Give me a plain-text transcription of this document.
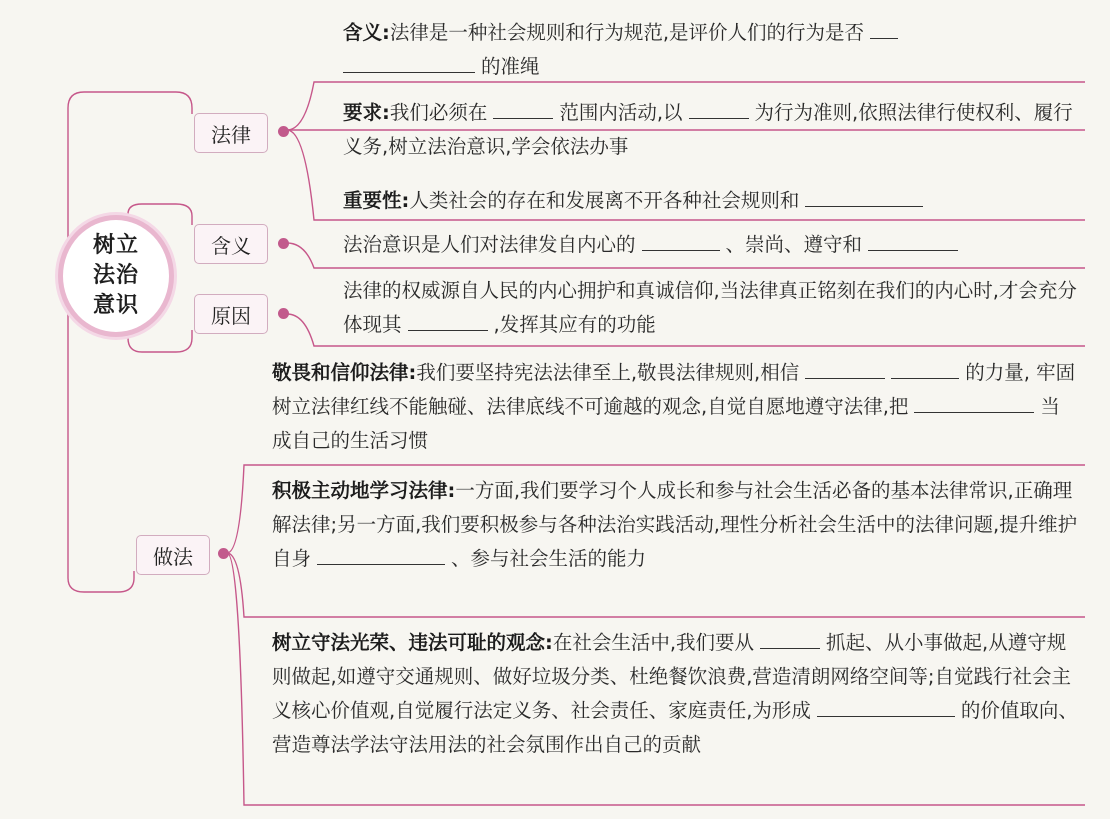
树立法治意识
法律
含义
原因
做法
含义:法律是一种社会规则和行为规范,是评价人们的行为是否
的准绳
要求:我们必须在	范围内活动,以	为行为准则,依照法律行使权利、履行义务,树立法治意识,学会依法办事
重要性:人类社会的存在和发展离不开各种社会规则和
法治意识是人们对法律发自内心的	、崇尚、遵守和
法律的权威源自人民的内心拥护和真诚信仰,当法律真正铭刻在我们的内心时,才会充分体现其	,发挥其应有的功能
敬畏和信仰法律:我们要坚持宪法法律至上,敬畏法律规则,相信	的力量, 牢固树立法律红线不能触碰、法律底线不可逾越的观念,自觉自愿地遵守法律,把	当成自己的生活习惯
积极主动地学习法律:一方面,我们要学习个人成长和参与社会生活必备的基本法律常识,正确理解法律;另一方面,我们要积极参与各种法治实践活动,理性分析社会生活中的法律问题,提升维护自身	、参与社会生活的能力
树立守法光荣、违法可耻的观念:在社会生活中,我们要从	抓起、从小事做起,从遵守规则做起,如遵守交通规则、做好垃圾分类、杜绝餐饮浪费,营造清朗网络空间等;自觉践行社会主义核心价值观,自觉履行法定义务、社会责任、家庭责任,为形成	的价值取向、营造尊法学法守法用法的社会氛围作出自己的贡献
